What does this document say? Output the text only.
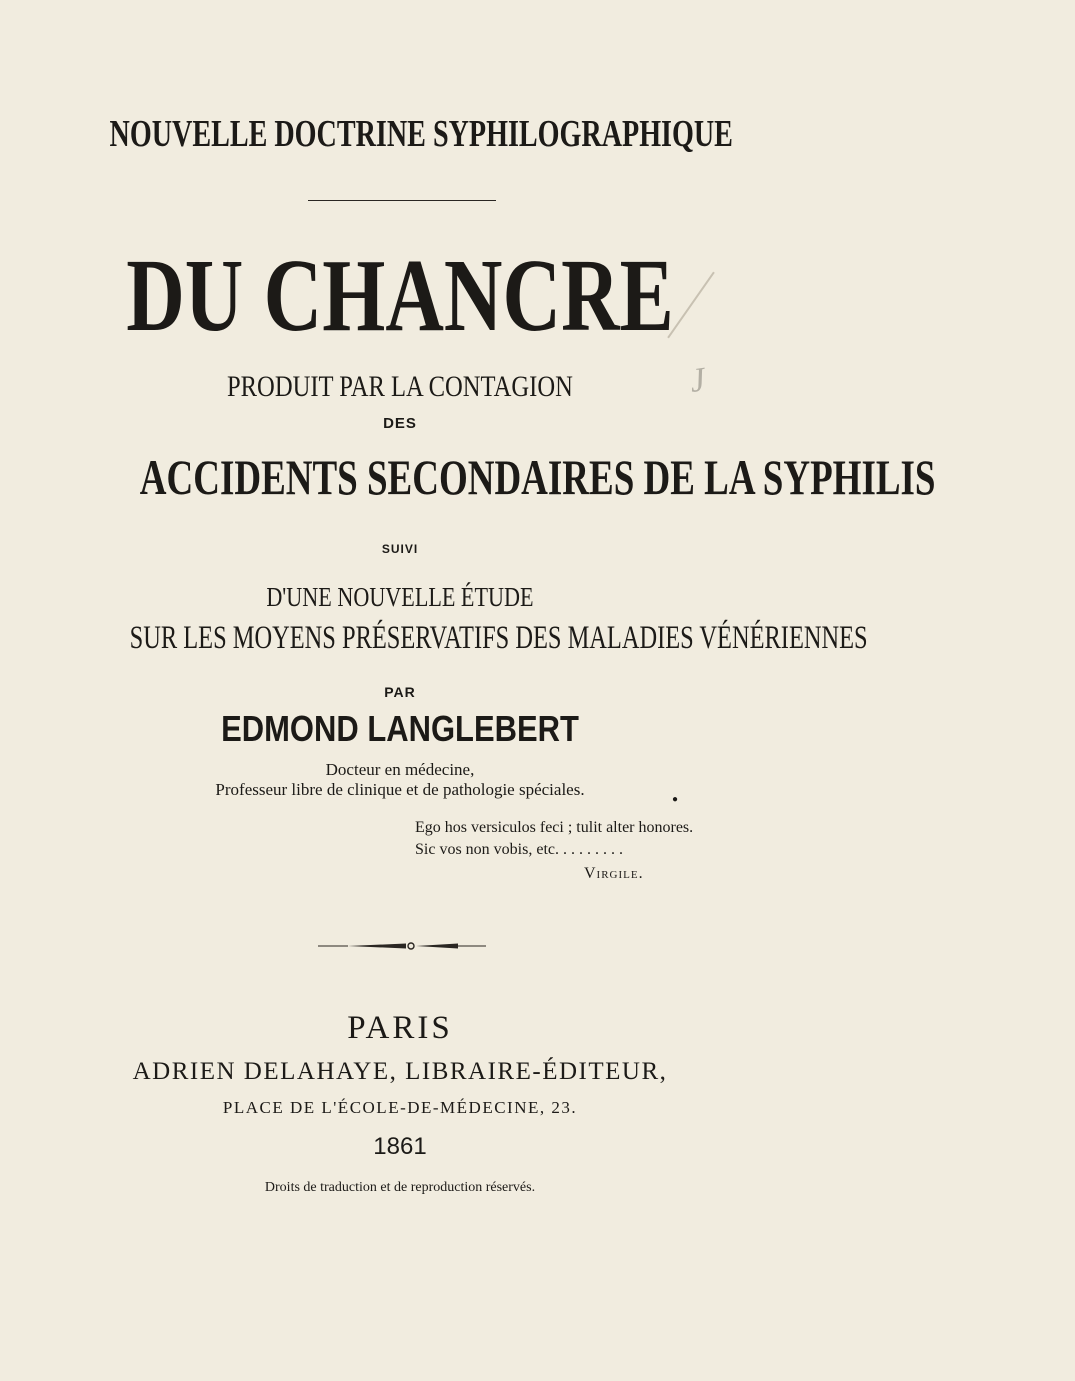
NOUVELLE DOCTRINE SYPHILOGRAPHIQUE
DU CHANCRE
J
PRODUIT PAR LA CONTAGION
DES
ACCIDENTS SECONDAIRES DE LA SYPHILIS
SUIVI
D'UNE NOUVELLE ÉTUDE
SUR LES MOYENS PRÉSERVATIFS DES MALADIES VÉNÉRIENNES
PAR
EDMOND LANGLEBERT
Docteur en médecine,
Professeur libre de clinique et de pathologie spéciales.
●
Ego hos versiculos feci ; tulit alter honores.
Sic vos non vobis, etc. . . . . . . . .
Virgile.
PARIS
ADRIEN DELAHAYE, LIBRAIRE-ÉDITEUR,
PLACE DE L'ÉCOLE-DE-MÉDECINE, 23.
1861
Droits de traduction et de reproduction réservés.
